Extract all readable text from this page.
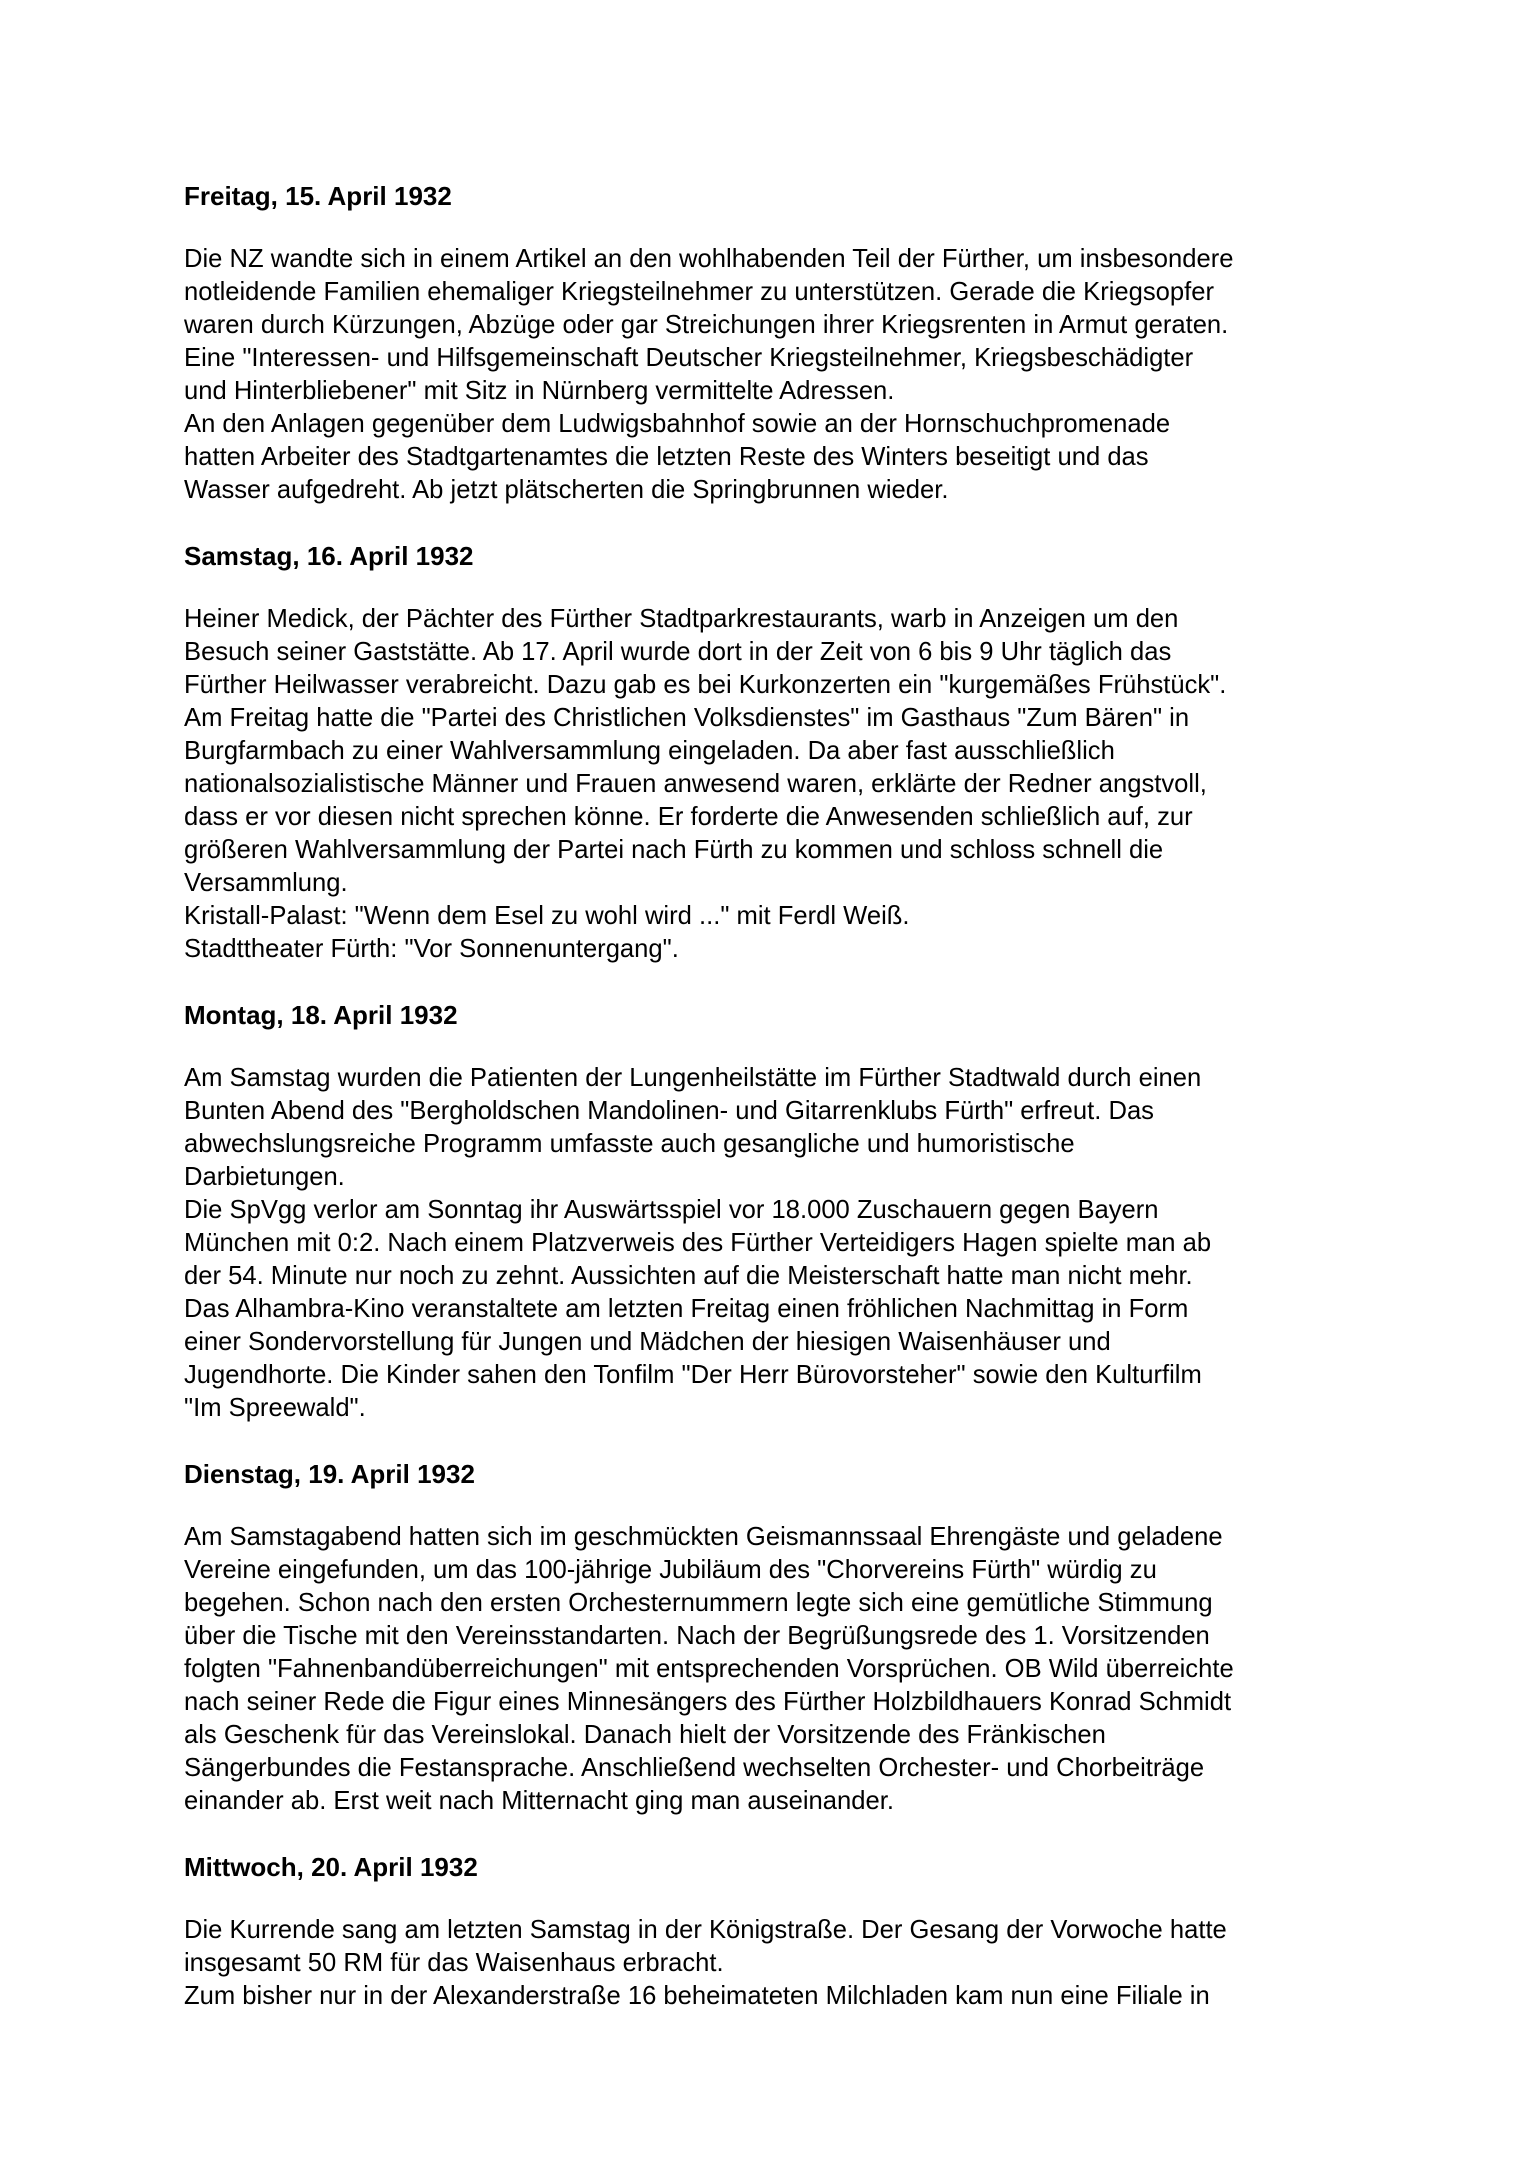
Freitag, 15. April 1932

Die NZ wandte sich in einem Artikel an den wohlhabenden Teil der Fürther, um insbesondere

notleidende Familien ehemaliger Kriegsteilnehmer zu unterstützen. Gerade die Kriegsopfer

waren durch Kürzungen, Abzüge oder gar Streichungen ihrer Kriegsrenten in Armut geraten.

Eine "Interessen- und Hilfsgemeinschaft Deutscher Kriegsteilnehmer, Kriegsbeschädigter

und Hinterbliebener" mit Sitz in Nürnberg vermittelte Adressen.

An den Anlagen gegenüber dem Ludwigsbahnhof sowie an der Hornschuchpromenade

hatten Arbeiter des Stadtgartenamtes die letzten Reste des Winters beseitigt und das

Wasser aufgedreht. Ab jetzt plätscherten die Springbrunnen wieder.

Samstag, 16. April 1932

Heiner Medick, der Pächter des Fürther Stadtparkrestaurants, warb in Anzeigen um den

Besuch seiner Gaststätte. Ab 17. April wurde dort in der Zeit von 6 bis 9 Uhr täglich das

Fürther Heilwasser verabreicht. Dazu gab es bei Kurkonzerten ein "kurgemäßes Frühstück".

Am Freitag hatte die "Partei des Christlichen Volksdienstes" im Gasthaus "Zum Bären" in

Burgfarmbach zu einer Wahlversammlung eingeladen. Da aber fast ausschließlich

nationalsozialistische Männer und Frauen anwesend waren, erklärte der Redner angstvoll,

dass er vor diesen nicht sprechen könne. Er forderte die Anwesenden schließlich auf, zur

größeren Wahlversammlung der Partei nach Fürth zu kommen und schloss schnell die

Versammlung.

Kristall-Palast: "Wenn dem Esel zu wohl wird ..." mit Ferdl Weiß.

Stadttheater Fürth: "Vor Sonnenuntergang".

Montag, 18. April 1932

Am Samstag wurden die Patienten der Lungenheilstätte im Fürther Stadtwald durch einen

Bunten Abend des "Bergholdschen Mandolinen- und Gitarrenklubs Fürth" erfreut. Das

abwechslungsreiche Programm umfasste auch gesangliche und humoristische

Darbietungen.

Die SpVgg verlor am Sonntag ihr Auswärtsspiel vor 18.000 Zuschauern gegen Bayern

München mit 0:2. Nach einem Platzverweis des Fürther Verteidigers Hagen spielte man ab

der 54. Minute nur noch zu zehnt. Aussichten auf die Meisterschaft hatte man nicht mehr.

Das Alhambra-Kino veranstaltete am letzten Freitag einen fröhlichen Nachmittag in Form

einer Sondervorstellung für Jungen und Mädchen der hiesigen Waisenhäuser und

Jugendhorte. Die Kinder sahen den Tonfilm "Der Herr Bürovorsteher" sowie den Kulturfilm

"Im Spreewald".

Dienstag, 19. April 1932

Am Samstagabend hatten sich im geschmückten Geismannssaal Ehrengäste und geladene

Vereine eingefunden, um das 100-jährige Jubiläum des "Chorvereins Fürth" würdig zu

begehen. Schon nach den ersten Orchesternummern legte sich eine gemütliche Stimmung

über die Tische mit den Vereinsstandarten. Nach der Begrüßungsrede des 1. Vorsitzenden

folgten "Fahnenbandüberreichungen" mit entsprechenden Vorsprüchen. OB Wild überreichte

nach seiner Rede die Figur eines Minnesängers des Fürther Holzbildhauers Konrad Schmidt

als Geschenk für das Vereinslokal. Danach hielt der Vorsitzende des Fränkischen

Sängerbundes die Festansprache. Anschließend wechselten Orchester- und Chorbeiträge

einander ab. Erst weit nach Mitternacht ging man auseinander.

Mittwoch, 20. April 1932

Die Kurrende sang am letzten Samstag in der Königstraße. Der Gesang der Vorwoche hatte

insgesamt 50 RM für das Waisenhaus erbracht.

Zum bisher nur in der Alexanderstraße 16 beheimateten Milchladen kam nun eine Filiale in
